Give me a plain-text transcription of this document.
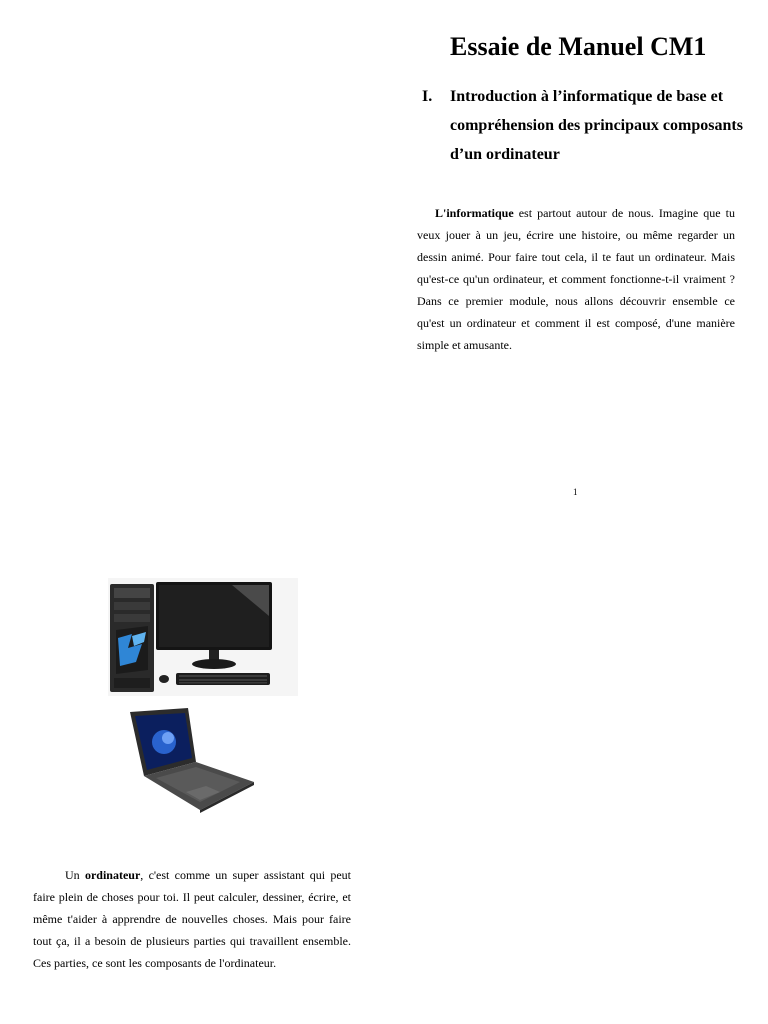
Essaie de Manuel CM1
I. Introduction à l’informatique de base et compréhension des principaux composants d’un ordinateur

L'informatique est partout autour de nous. Imagine que tu veux jouer à un jeu, écrire une histoire, ou même regarder un dessin animé. Pour faire tout cela, il te faut un ordinateur. Mais qu'est-ce qu'un ordinateur, et comment fonctionne-t-il vraiment ? Dans ce premier module, nous allons découvrir ensemble ce qu'est un ordinateur et comment il est composé, d'une manière simple et amusante.

1

Un ordinateur, c'est comme un super assistant qui peut faire plein de choses pour toi. Il peut calculer, dessiner, écrire, et même t'aider à apprendre de nouvelles choses. Mais pour faire tout ça, il a besoin de plusieurs parties qui travaillent ensemble. Ces parties, ce sont les composants de l'ordinateur.
